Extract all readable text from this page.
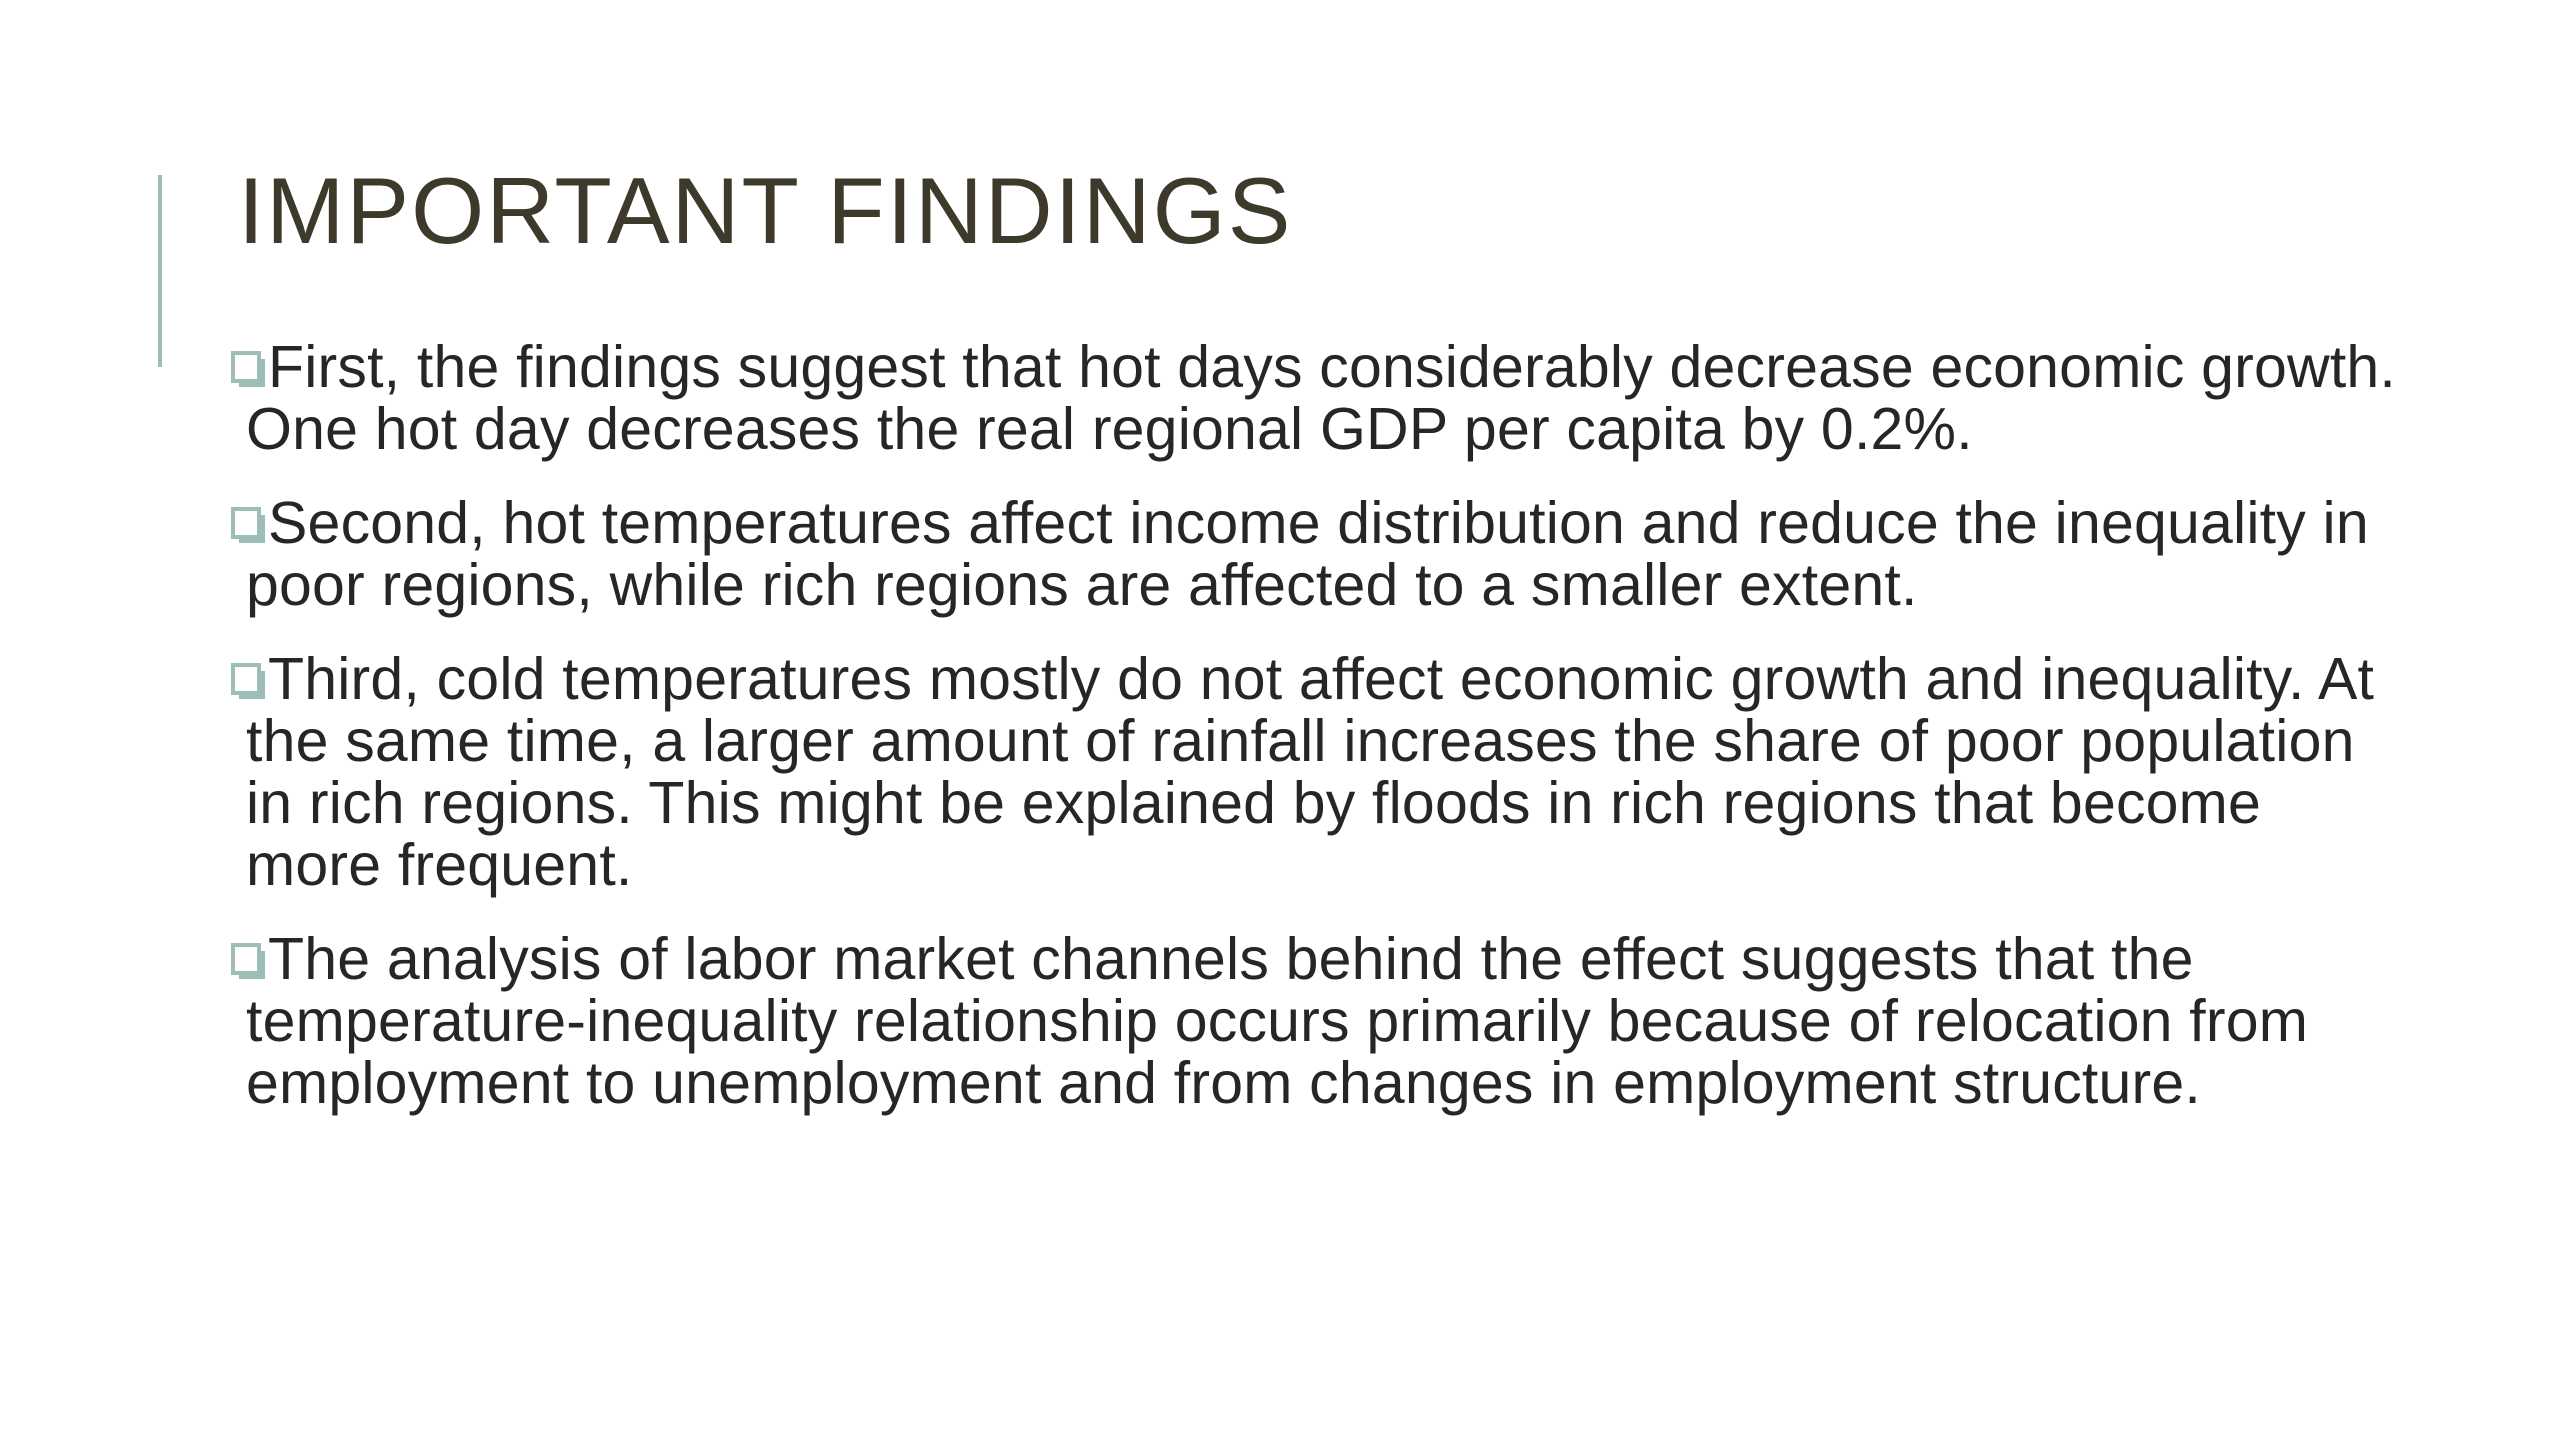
IMPORTANT FINDINGS
First, the findings suggest that hot days considerably decrease economic growth. One hot day decreases the real regional GDP per capita by 0.2%.
Second, hot temperatures affect income distribution and reduce the inequality in poor regions, while rich regions are affected to a smaller extent.
Third, cold temperatures mostly do not affect economic growth and inequality. At the same time, a larger amount of rainfall increases the share of poor population in rich regions. This might be explained by floods in rich regions that become more frequent.
The analysis of labor market channels behind the effect suggests that the temperature-inequality relationship occurs primarily because of relocation from employment to unemployment and from changes in employment structure.
